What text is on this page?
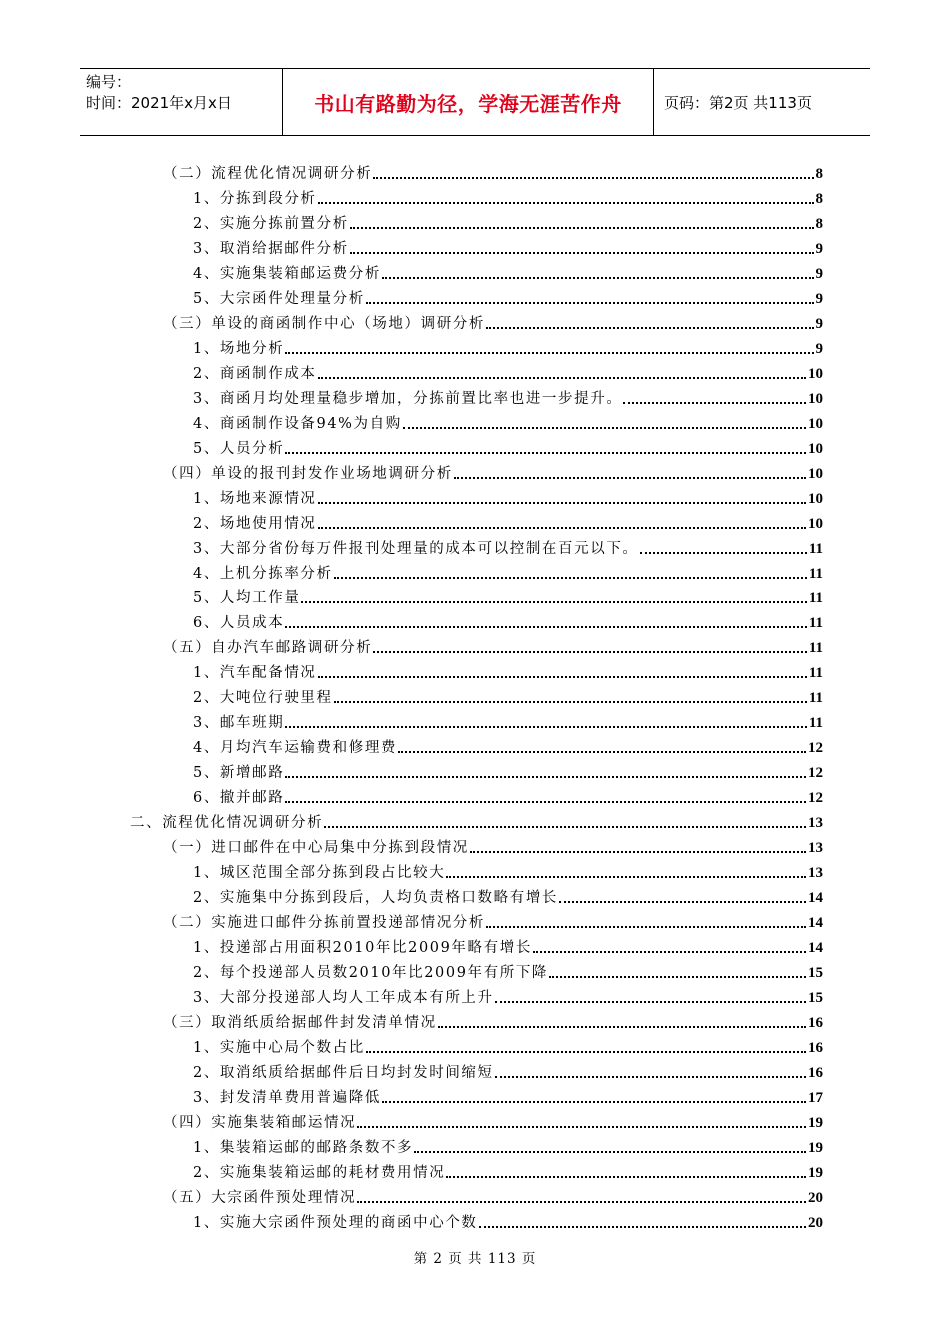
编号：
时间：2021年x月x日	书山有路勤为径，学海无涯苦作舟	页码：第2页 共113页
（二）流程优化情况调研分析	8
1、分拣到段分析	8
2、实施分拣前置分析	8
3、取消给据邮件分析	9
4、实施集装箱邮运费分析	9
5、大宗函件处理量分析	9
（三）单设的商函制作中心（场地）调研分析	9
1、场地分析	9
2、商函制作成本	10
3、商函月均处理量稳步增加，分拣前置比率也进一步提升。	10
4、商函制作设备94%为自购	10
5、人员分析	10
（四）单设的报刊封发作业场地调研分析	10
1、场地来源情况	10
2、场地使用情况	10
3、大部分省份每万件报刊处理量的成本可以控制在百元以下。	11
4、上机分拣率分析	11
5、人均工作量	11
6、人员成本	11
（五）自办汽车邮路调研分析	11
1、汽车配备情况	11
2、大吨位行驶里程	11
3、邮车班期	11
4、月均汽车运输费和修理费	12
5、新增邮路	12
6、撤并邮路	12
二、流程优化情况调研分析	13
（一）进口邮件在中心局集中分拣到段情况	13
1、城区范围全部分拣到段占比较大	13
2、实施集中分拣到段后，人均负责格口数略有增长	14
（二）实施进口邮件分拣前置投递部情况分析	14
1、投递部占用面积2010年比2009年略有增长	14
2、每个投递部人员数2010年比2009年有所下降	15
3、大部分投递部人均人工年成本有所上升	15
（三）取消纸质给据邮件封发清单情况	16
1、实施中心局个数占比	16
2、取消纸质给据邮件后日均封发时间缩短	16
3、封发清单费用普遍降低	17
（四）实施集装箱邮运情况	19
1、集装箱运邮的邮路条数不多	19
2、实施集装箱运邮的耗材费用情况	19
（五）大宗函件预处理情况	20
1、实施大宗函件预处理的商函中心个数	20
第 2 页 共 113 页
